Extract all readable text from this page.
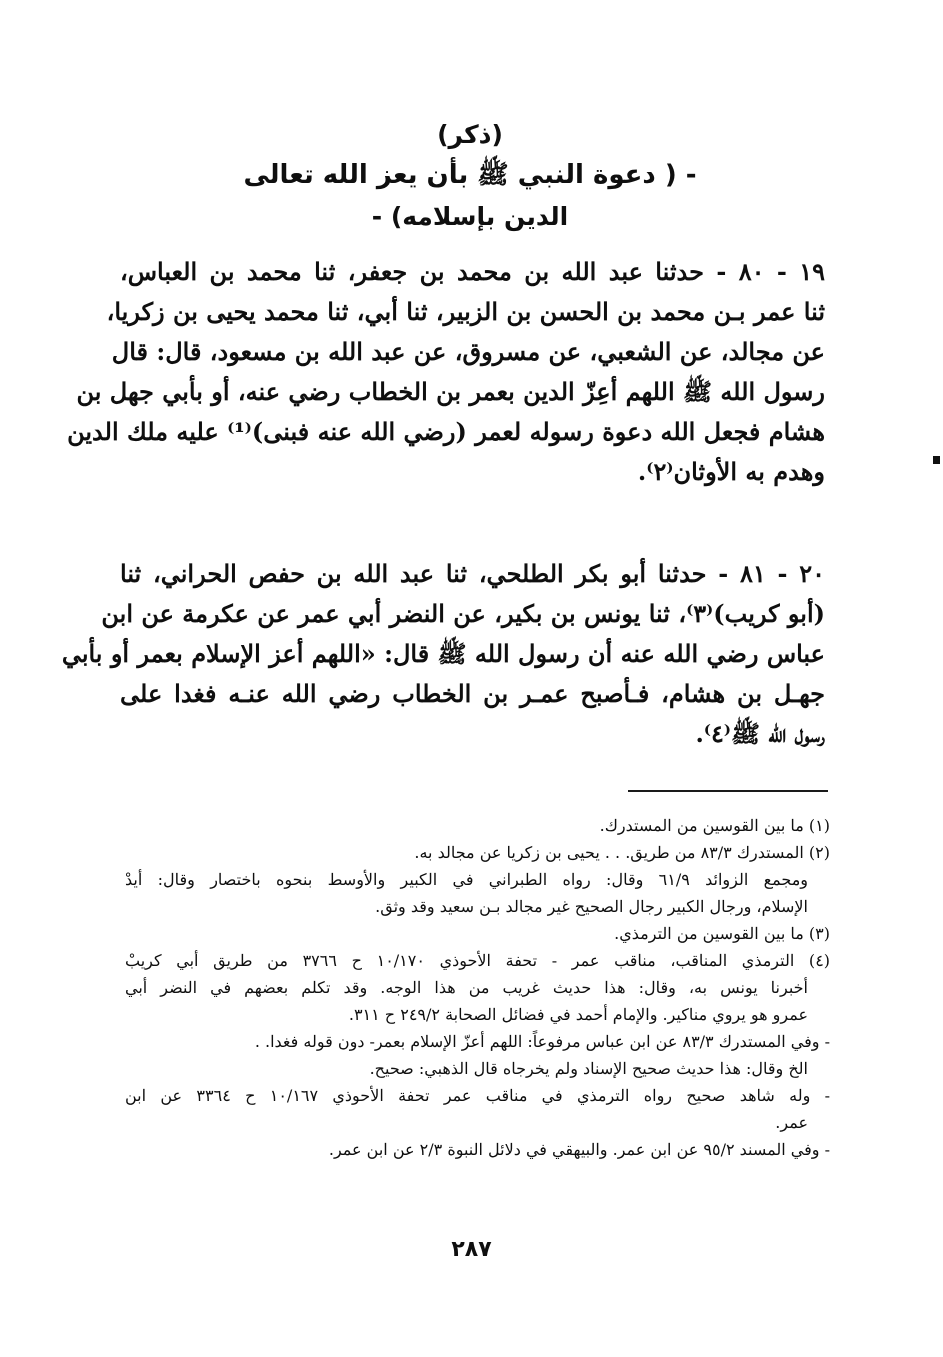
(ذكر)
- ( دعوة النبي ﷺ بأن يعز الله تعالى
الدين بإسلامه) -
١٩ - ٨٠ - حدثنا عبد الله بن محمد بن جعفر، ثنا محمد بن العباس،
ثنا عمر بـن محمد بن الحسن بن الزبير، ثنا أبي، ثنا محمد يحيى بن زكريا،
عن مجالد، عن الشعبي، عن مسروق، عن عبد الله بن مسعود، قال: قال
رسول الله ﷺ اللهم أعِزّ الدين بعمر بن الخطاب رضي عنه، أو بأبي جهل بن
هشام فجعل الله دعوة رسوله لعمر (رضي الله عنه فبنى)⁽¹⁾ عليه ملك الدين
وهدم به الأوثان⁽٢⁾.
٢٠ - ٨١ - حدثنا أبو بكر الطلحي، ثنا عبد الله بن حفص الحراني، ثنا
(أبو كريب)⁽٣⁾، ثنا يونس بن بكير، عن النضر أبي عمر عن عكرمة عن ابن
عباس رضي الله عنه أن رسول الله ﷺ قال: «اللهم أعز الإسلام بعمر أو بأبي
جهـل بن هشام، فـأصبح عمـر بن الخطاب رضي الله عنـه فغدا على
رسول الله ﷺ⁽٤⁾.
(١) ما بين القوسين من المستدرك.
(٢) المستدرك ٨٣/٣ من طريق. . . يحيى بن زكريا عن مجالد به.
ومجمع الزوائد ٦١/٩ وقال: رواه الطبراني في الكبير والأوسط بنحوه باختصار وقال: أيدْ
الإسلام، ورجال الكبير رجال الصحيح غير مجالد بـن سعيد وقد وثق.
(٣) ما بين القوسين من الترمذي.
(٤) الترمذي المناقب، مناقب عمر - تحفة الأحوذي ١٠/١٧٠ ح ٣٧٦٦ من طريق أبي كريبْ
أخبرنا يونس به، وقال: هذا حديث غريب من هذا الوجه. وقد تكلم بعضهم في النضر أبي
عمرو هو يروي مناكير. والإمام أحمد في فضائل الصحابة ٢٤٩/٢ ح ٣١١.
- وفي المستدرك ٨٣/٣ عن ابن عباس مرفوعاً: اللهم أعزّ الإسلام بعمر- دون قوله فغدا. .
الخ وقال: هذا حديث صحيح الإسناد ولم يخرجاه قال الذهبي: صحيح.
- وله شاهد صحيح رواه الترمذي في مناقب عمر تحفة الأحوذي ١٠/١٦٧ ح ٣٣٦٤ عن ابن
عمر.
- وفي المسند ٩٥/٢ عن ابن عمر. والبيهقي في دلائل النبوة ٢/٣ عن ابن عمر.
٢٨٧
